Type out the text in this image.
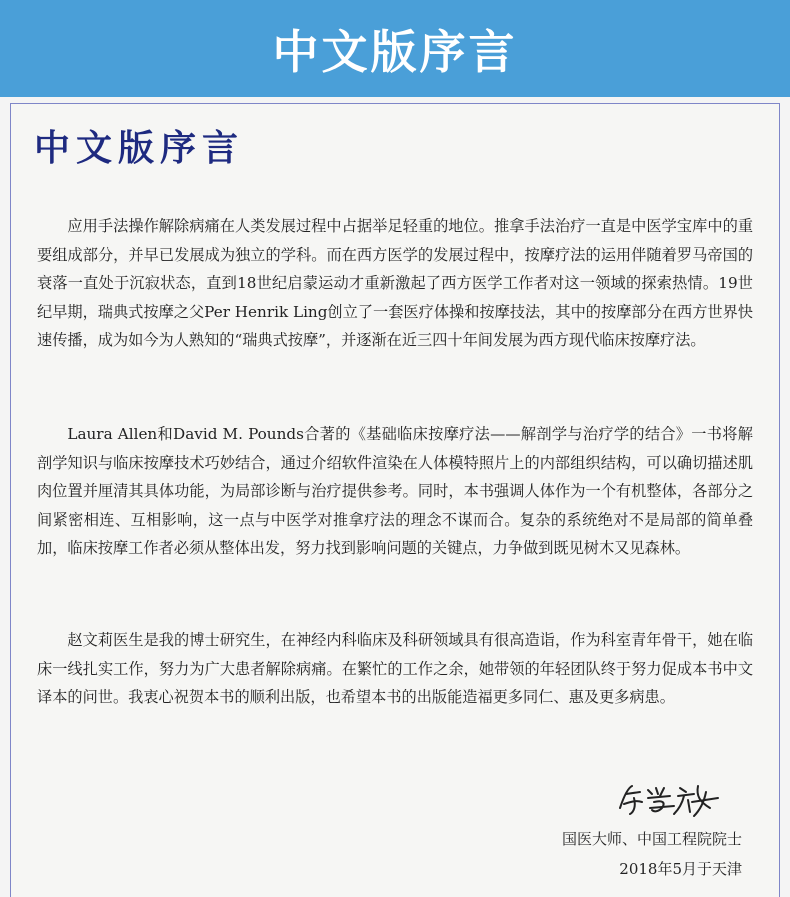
中文版序言
中文版序言

应用手法操作解除病痛在人类发展过程中占据举足轻重的地位。推拿手法治疗一直是中医学宝库中的重要组成部分，并早已发展成为独立的学科。而在西方医学的发展过程中，按摩疗法的运用伴随着罗马帝国的衰落一直处于沉寂状态，直到18世纪启蒙运动才重新激起了西方医学工作者对这一领域的探索热情。19世纪早期，瑞典式按摩之父Per Henrik Ling创立了一套医疗体操和按摩技法，其中的按摩部分在西方世界快速传播，成为如今为人熟知的“瑞典式按摩”，并逐渐在近三四十年间发展为西方现代临床按摩疗法。

Laura Allen和David M. Pounds合著的《基础临床按摩疗法——解剖学与治疗学的结合》一书将解剖学知识与临床按摩技术巧妙结合，通过介绍软件渲染在人体模特照片上的内部组织结构，可以确切描述肌肉位置并厘清其具体功能，为局部诊断与治疗提供参考。同时，本书强调人体作为一个有机整体，各部分之间紧密相连、互相影响，这一点与中医学对推拿疗法的理念不谋而合。复杂的系统绝对不是局部的简单叠加，临床按摩工作者必须从整体出发，努力找到影响问题的关键点，力争做到既见树木又见森林。

赵文莉医生是我的博士研究生，在神经内科临床及科研领域具有很高造诣，作为科室青年骨干，她在临床一线扎实工作，努力为广大患者解除病痛。在繁忙的工作之余，她带领的年轻团队终于努力促成本书中文译本的问世。我衷心祝贺本书的顺利出版，也希望本书的出版能造福更多同仁、惠及更多病患。

国医大师、中国工程院院士
2018年5月于天津
